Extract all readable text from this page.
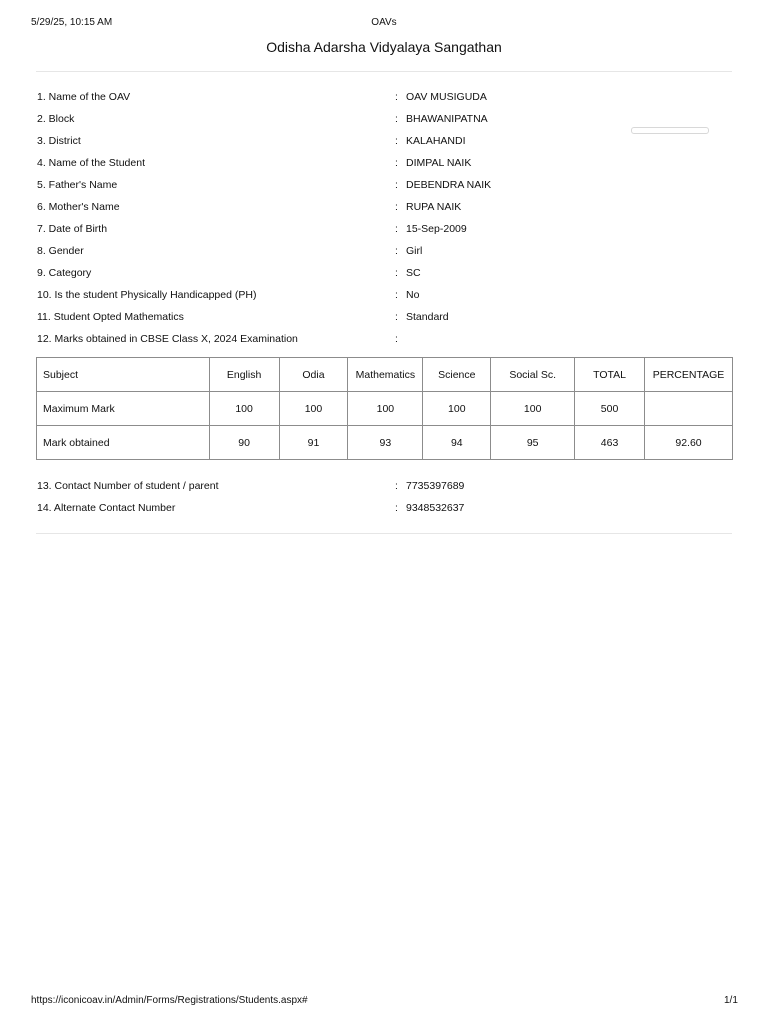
5/29/25, 10:15 AM	OAVs
Odisha Adarsha Vidyalaya Sangathan
1. Name of the OAV	: OAV MUSIGUDA
2. Block	: BHAWANIPATNA
3. District	: KALAHANDI
4. Name of the Student	: DIMPAL NAIK
5. Father's Name	: DEBENDRA NAIK
6. Mother's Name	: RUPA NAIK
7. Date of Birth	: 15-Sep-2009
8. Gender	: Girl
9. Category	: SC
10. Is the student Physically Handicapped (PH)	: No
11. Student Opted Mathematics	: Standard
12. Marks obtained in CBSE Class X, 2024 Examination	:
Subject	English	Odia	Mathematics	Science	Social Sc.	TOTAL	PERCENTAGE
Maximum Mark	100	100	100	100	100	500	
Mark obtained	90	91	93	94	95	463	92.60
13. Contact Number of student / parent	: 7735397689
14. Alternate Contact Number	: 9348532637
https://iconicoav.in/Admin/Forms/Registrations/Students.aspx#	1/1
